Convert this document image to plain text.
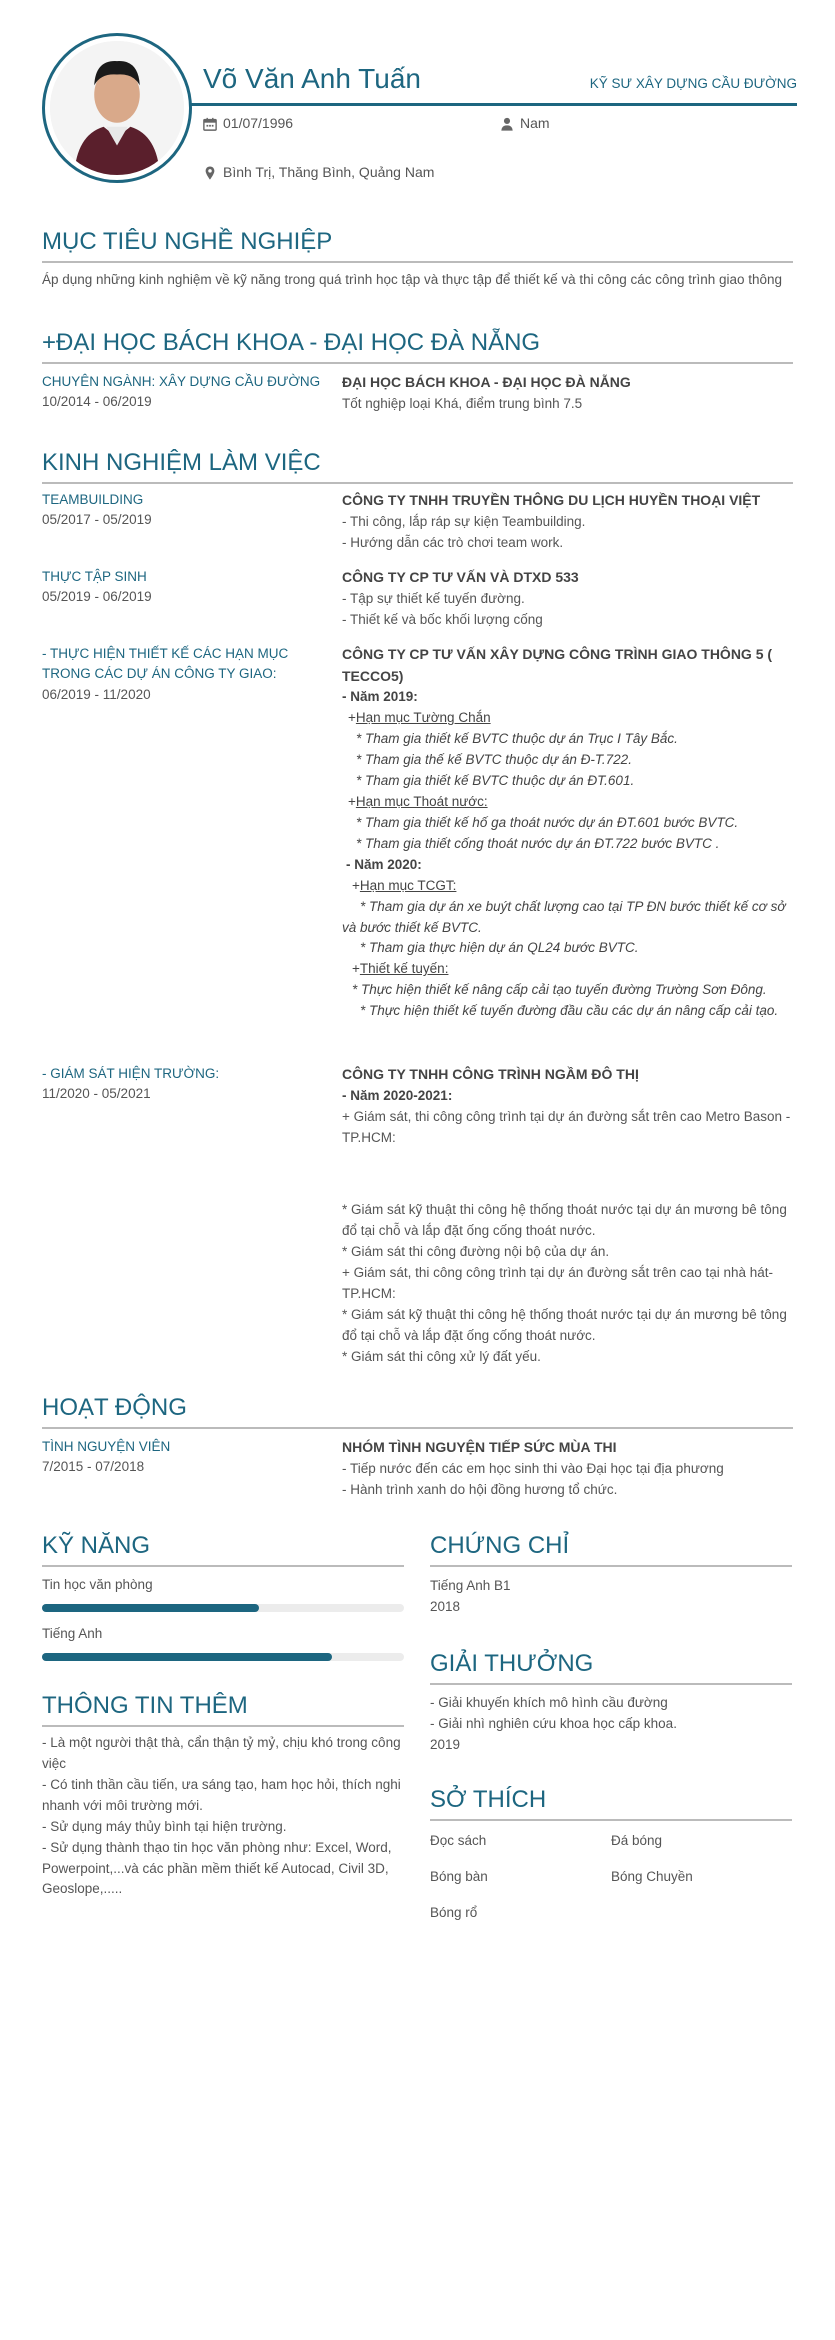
Võ Văn Anh Tuấn	KỸ SƯ XÂY DỰNG CẦU ĐƯỜNG
01/07/1996	Nam
Bình Trị, Thăng Bình, Quảng Nam
MỤC TIÊU NGHỀ NGHIỆP
Áp dụng những kinh nghiệm về kỹ năng trong quá trình học tập và thực tập để thiết kế và thi công các công trình giao thông
+ĐẠI HỌC BÁCH KHOA - ĐẠI HỌC ĐÀ NẴNG
CHUYÊN NGÀNH: XÂY DỰNG CẦU ĐƯỜNG
10/2014 - 06/2019
ĐẠI HỌC BÁCH KHOA - ĐẠI HỌC ĐÀ NẴNG
Tốt nghiệp loại Khá, điểm trung bình 7.5
KINH NGHIỆM LÀM VIỆC
TEAMBUILDING
05/2017 - 05/2019
CÔNG TY TNHH TRUYỀN THÔNG DU LỊCH HUYỀN THOẠI VIỆT
- Thi công, lắp ráp sự kiện Teambuilding.
- Hướng dẫn các trò chơi team work.
THỰC TẬP SINH
05/2019 - 06/2019
CÔNG TY CP TƯ VẤN VÀ DTXD 533
- Tập sự thiết kế tuyến đường.
- Thiết kế và bốc khối lượng cống
- THỰC HIỆN THIẾT KẾ CÁC HẠN MỤC TRONG CÁC DỰ ÁN CÔNG TY GIAO:
06/2019 - 11/2020
CÔNG TY CP TƯ VẤN XÂY DỰNG CÔNG TRÌNH GIAO THÔNG 5 ( TECCO5)
- Năm 2019:
+Hạn mục Tường Chắn
* Tham gia thiết kế BVTC thuộc dự án Trục I Tây Bắc.
* Tham gia thế kế BVTC thuộc dự án Đ-T.722.
* Tham gia thiết kế BVTC thuộc dự án ĐT.601.
+Hạn mục Thoát nước:
* Tham gia thiết kế hố ga thoát nước dự án ĐT.601 bước BVTC.
* Tham gia thiết cống thoát nước dự án ĐT.722 bước BVTC .
- Năm 2020:
+Hạn mục TCGT:
* Tham gia dự án xe buýt chất lượng cao tại TP ĐN bước thiết kế cơ sở và bước thiết kế BVTC.
* Tham gia thực hiện dự án QL24 bước BVTC.
+Thiết kế tuyến:
* Thực hiện thiết kế nâng cấp cải tạo tuyến đường Trường Sơn Đông.
* Thực hiện thiết kế tuyến đường đầu cầu các dự án nâng cấp cải tạo.
- GIÁM SÁT HIỆN TRƯỜNG:
11/2020 - 05/2021
CÔNG TY TNHH CÔNG TRÌNH NGẦM ĐÔ THỊ
- Năm 2020-2021:
+ Giám sát, thi công công trình tại dự án đường sắt trên cao Metro Bason - TP.HCM:
* Giám sát kỹ thuật thi công hệ thống thoát nước tại dự án mương bê tông đổ tại chỗ và lắp đặt ống cống thoát nước.
* Giám sát thi công đường nội bộ của dự án.
+ Giám sát, thi công công trình tại dự án đường sắt trên cao tại nhà hát- TP.HCM:
* Giám sát kỹ thuật thi công hệ thống thoát nước tại dự án mương bê tông đổ tại chỗ và lắp đặt ống cống thoát nước.
* Giám sát thi công xử lý đất yếu.
HOẠT ĐỘNG
TÌNH NGUYỆN VIÊN
7/2015 - 07/2018
NHÓM TÌNH NGUYỆN TIẾP SỨC MÙA THI
- Tiếp nước đến các em học sinh thi vào Đại học tại địa phương
- Hành trình xanh do hội đồng hương tổ chức.
KỸ NĂNG
Tin học văn phòng
Tiếng Anh
THÔNG TIN THÊM
- Là một người thật thà, cẩn thận tỷ mỷ, chịu khó trong công việc
- Có tinh thần cầu tiến, ưa sáng tạo, ham học hỏi, thích nghi nhanh với môi trường mới.
- Sử dụng máy thủy bình tại hiện trường.
- Sử dụng thành thạo tin học văn phòng như: Excel, Word, Powerpoint,...và các phần mềm thiết kế Autocad, Civil 3D, Geoslope,.....
CHỨNG CHỈ
Tiếng Anh B1
2018
GIẢI THƯỞNG
- Giải khuyến khích mô hình cầu đường
- Giải nhì nghiên cứu khoa học cấp khoa.
2019
SỞ THÍCH
Đọc sách	Đá bóng
Bóng bàn	Bóng Chuyền
Bóng rổ
